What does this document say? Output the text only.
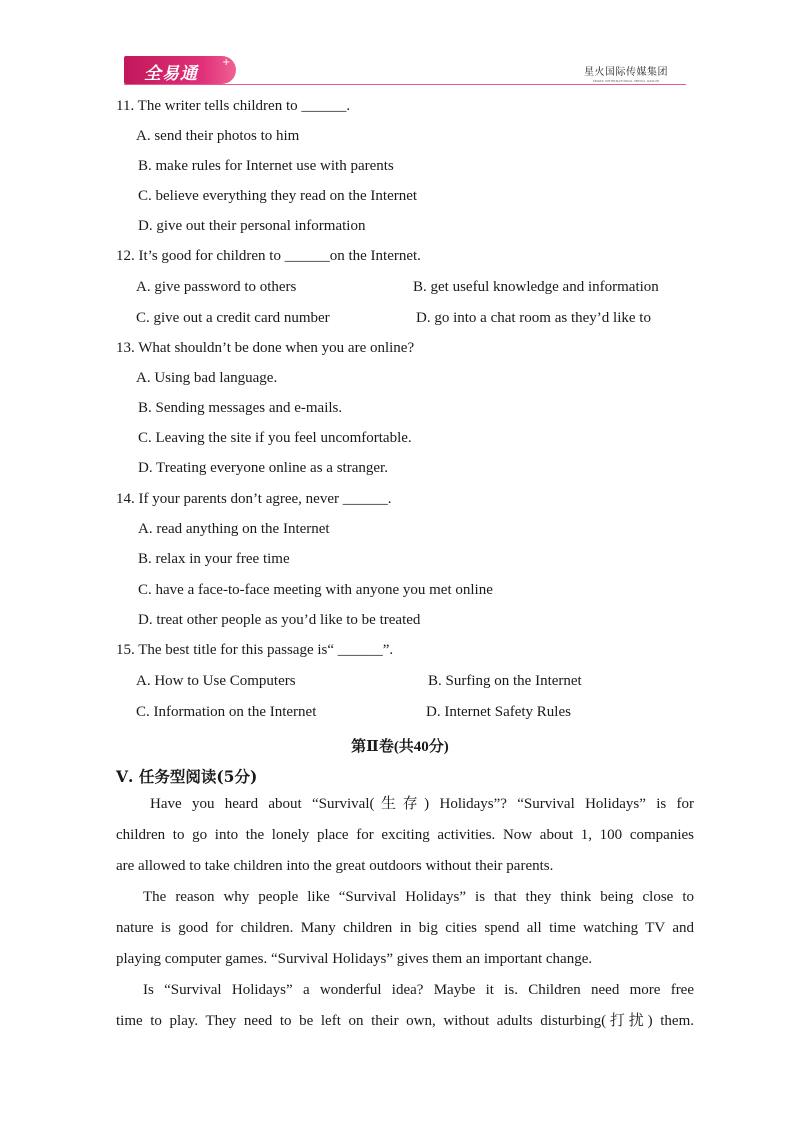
全易通
+
星火国际传媒集团
SPARK INTERNATIONAL MEDIA GROUP
11. The writer tells children to ______.
A. send their photos to him
B. make rules for Internet use with parents
C. believe everything they read on the Internet
D. give out their personal information
12. It’s good for children to ______on the Internet.
A. give password to others	B. get useful knowledge and information
C. give out a credit card number	D. go into a chat room as they’d like to
13. What shouldn’t be done when you are online?
A. Using bad language.
B. Sending messages and e-mails.
C. Leaving the site if you feel uncomfortable.
D. Treating everyone online as a stranger.
14. If your parents don’t agree, never ______.
A. read anything on the Internet
B. relax in your free time
C. have a face-to-face meeting with anyone you met online
D. treat other people as you’d like to be treated
15. The best title for this passage is“ ______”.
A. How to Use Computers	B. Surfing on the Internet
C. Information on the Internet	D. Internet Safety Rules
第Ⅱ卷(共40分)
Ⅴ. 任务型阅读(5分)
Have you heard about “Survival(生存) Holidays”? “Survival Holidays” is for
children to go into the lonely place for exciting activities. Now about 1, 100 companies
are allowed to take children into the great outdoors without their parents.
The reason why people like “Survival Holidays” is that they think being close to
nature is good for children. Many children in big cities spend all time watching TV and
playing computer games. “Survival Holidays” gives them an important change.
Is “Survival Holidays” a wonderful idea? Maybe it is. Children need more free
time to play. They need to be left on their own, without adults disturbing(打扰) them.
